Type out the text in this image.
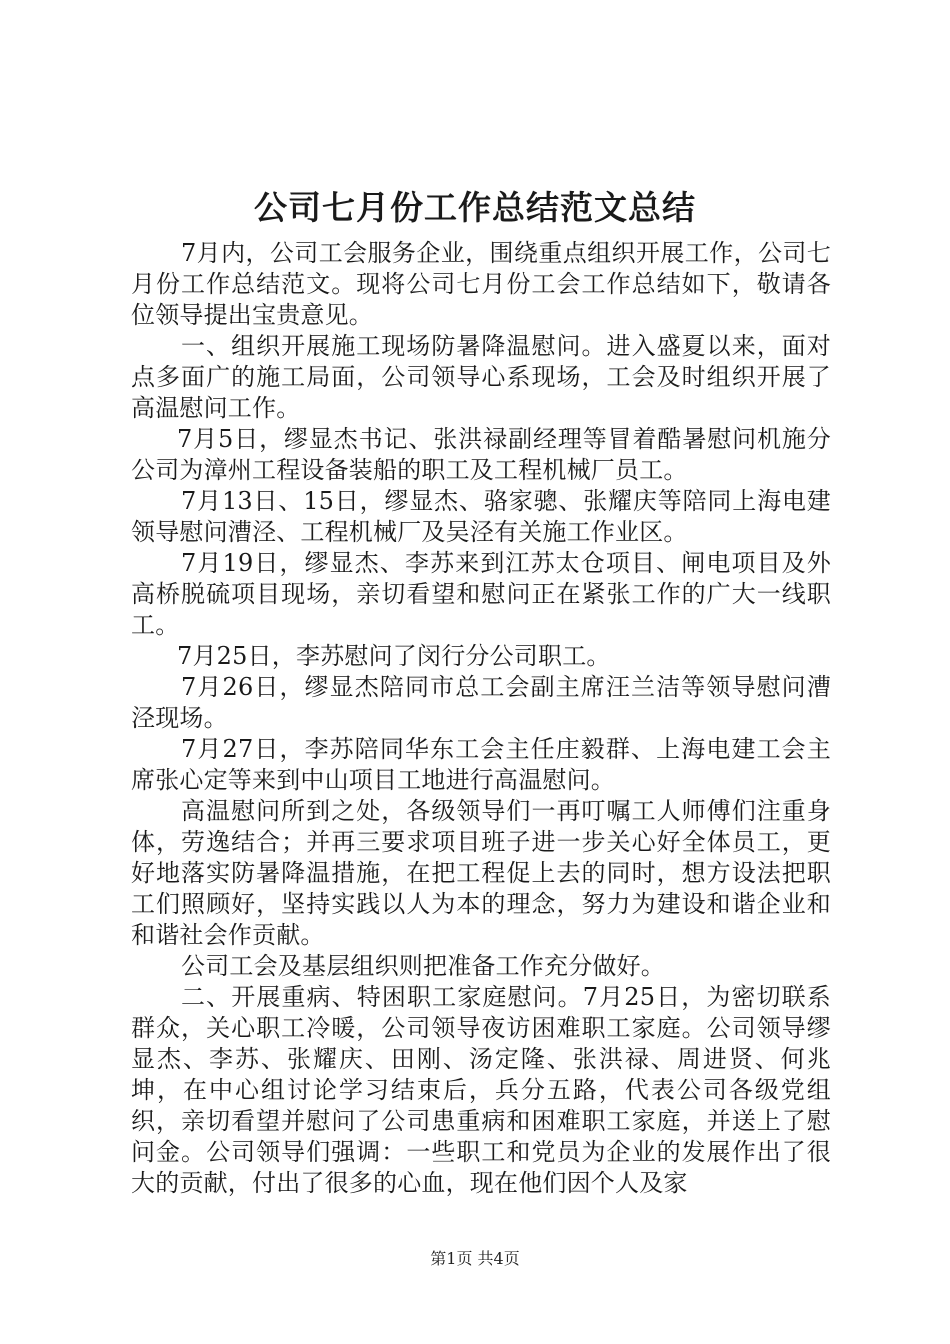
公司七月份工作总结范文总结

7月内，公司工会服务企业，围绕重点组织开展工作，公司七月份工作总结范文。现将公司七月份工会工作总结如下，敬请各位领导提出宝贵意见。

一、组织开展施工现场防暑降温慰问。进入盛夏以来，面对点多面广的施工局面，公司领导心系现场，工会及时组织开展了高温慰问工作。

7月5日，缪显杰书记、张洪禄副经理等冒着酷暑慰问机施分公司为漳州工程设备装船的职工及工程机械厂员工。

7月13日、15日，缪显杰、骆家骢、张耀庆等陪同上海电建领导慰问漕泾、工程机械厂及吴泾有关施工作业区。

7月19日，缪显杰、李苏来到江苏太仓项目、闸电项目及外高桥脱硫项目现场，亲切看望和慰问正在紧张工作的广大一线职工。

7月25日，李苏慰问了闵行分公司职工。

7月26日，缪显杰陪同市总工会副主席汪兰洁等领导慰问漕泾现场。

7月27日，李苏陪同华东工会主任庄毅群、上海电建工会主席张心定等来到中山项目工地进行高温慰问。

高温慰问所到之处，各级领导们一再叮嘱工人师傅们注重身体，劳逸结合；并再三要求项目班子进一步关心好全体员工，更好地落实防暑降温措施，在把工程促上去的同时，想方设法把职工们照顾好，坚持实践以人为本的理念，努力为建设和谐企业和和谐社会作贡献。

公司工会及基层组织则把准备工作充分做好。

二、开展重病、特困职工家庭慰问。7月25日，为密切联系群众，关心职工冷暖，公司领导夜访困难职工家庭。公司领导缪显杰、李苏、张耀庆、田刚、汤定隆、张洪禄、周进贤、何兆坤，在中心组讨论学习结束后，兵分五路，代表公司各级党组织，亲切看望并慰问了公司患重病和困难职工家庭，并送上了慰问金。公司领导们强调：一些职工和党员为企业的发展作出了很大的贡献，付出了很多的心血，现在他们因个人及家

第1页 共4页
